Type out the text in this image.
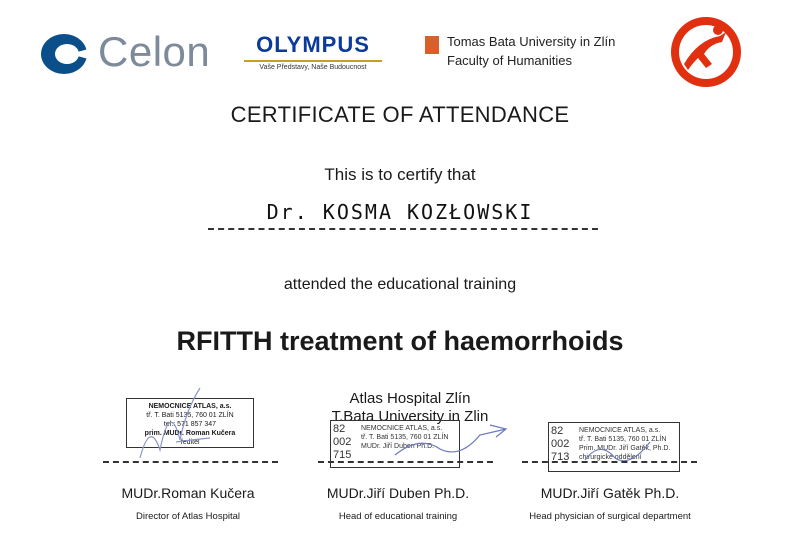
Celon	OLYMPUS
Vaše Představy, Naše Budoucnost
Tomas Bata University in Zlín
Faculty of Humanities
CERTIFICATE OF ATTENDANCE
This is to certify that
Dr. KOSMA KOZŁOWSKI
attended the educational training
RFITTH treatment of haemorrhoids
Atlas Hospital Zlín
T.Bata University in Zlin
NEMOCNICE ATLAS, a.s.
tř. T. Bati 5135, 760 01 ZLÍN
tel.: 571 857 347
prim. MUDr. Roman Kučera
ředitel
82
002
715
NEMOCNICE ATLAS, a.s.
tř. T. Bati 5135, 760 01 ZLÍN
MUDr. Jiří Duben Ph.D.
82
002
713
NEMOCNICE ATLAS, a.s.
tř. T. Bati 5135, 760 01 ZLÍN
Prim. MUDr. Jiří Gatěk, Ph.D.
chirurgické oddělení
MUDr.Roman Kučera
Director of Atlas Hospital
MUDr.Jiří Duben Ph.D.
Head of educational training
MUDr.Jiří Gatěk Ph.D.
Head physician of surgical department
